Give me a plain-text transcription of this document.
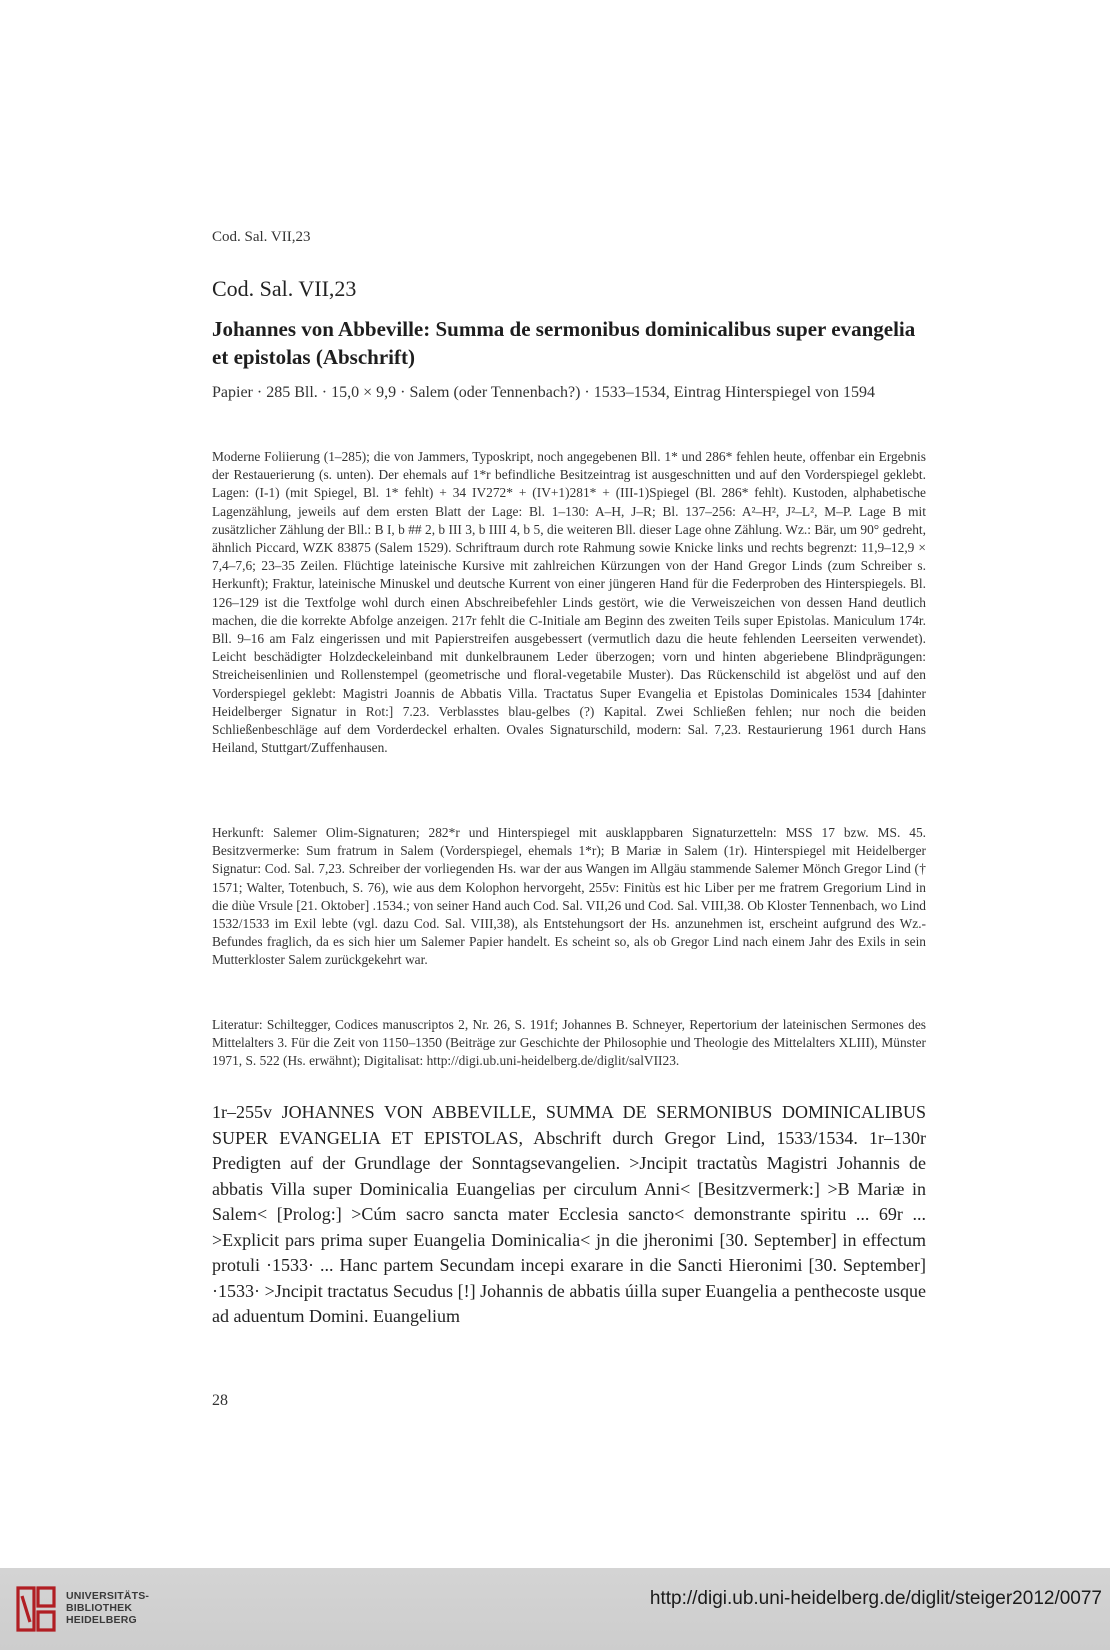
Cod. Sal. VII,23
Cod. Sal. VII,23
Johannes von Abbeville: Summa de sermonibus dominicalibus super evangelia et epistolas (Abschrift)
Papier · 285 Bll. · 15,0 × 9,9 · Salem (oder Tennenbach?) · 1533–1534, Eintrag Hinterspiegel von 1594
Moderne Foliierung (1–285); die von Jammers, Typoskript, noch angegebenen Bll. 1* und 286* fehlen heute, offenbar ein Ergebnis der Restauerierung (s. unten). Der ehemals auf 1*r befindliche Besitzeintrag ist ausgeschnitten und auf den Vorderspiegel geklebt. Lagen: (I-1) (mit Spiegel, Bl. 1* fehlt) + 34 IV272* + (IV+1)281* + (III-1)Spiegel (Bl. 286* fehlt). Kustoden, alphabetische Lagenzählung, jeweils auf dem ersten Blatt der Lage: Bl. 1–130: A–H, J–R; Bl. 137–256: A²–H², J²–L², M–P. Lage B mit zusätzlicher Zählung der Bll.: B I, b ## 2, b III 3, b IIII 4, b 5, die weiteren Bll. dieser Lage ohne Zählung. Wz.: Bär, um 90° gedreht, ähnlich Piccard, WZK 83875 (Salem 1529). Schriftraum durch rote Rahmung sowie Knicke links und rechts begrenzt: 11,9–12,9 × 7,4–7,6; 23–35 Zeilen. Flüchtige lateinische Kursive mit zahlreichen Kürzungen von der Hand Gregor Linds (zum Schreiber s. Herkunft); Fraktur, lateinische Minuskel und deutsche Kurrent von einer jüngeren Hand für die Federproben des Hinterspiegels. Bl. 126–129 ist die Textfolge wohl durch einen Abschreibefehler Linds gestört, wie die Verweiszeichen von dessen Hand deutlich machen, die die korrekte Abfolge anzeigen. 217r fehlt die C-Initiale am Beginn des zweiten Teils super Epistolas. Maniculum 174r. Bll. 9–16 am Falz eingerissen und mit Papierstreifen ausgebessert (vermutlich dazu die heute fehlenden Leerseiten verwendet). Leicht beschädigter Holzdeckeleinband mit dunkelbraunem Leder überzogen; vorn und hinten abgeriebene Blindprägungen: Streicheisenlinien und Rollenstempel (geometrische und floral-vegetabile Muster). Das Rückenschild ist abgelöst und auf den Vorderspiegel geklebt: Magistri Joannis de Abbatis Villa. Tractatus Super Evangelia et Epistolas Dominicales 1534 [dahinter Heidelberger Signatur in Rot:] 7.23. Verblasstes blau-gelbes (?) Kapital. Zwei Schließen fehlen; nur noch die beiden Schließenbeschläge auf dem Vorderdeckel erhalten. Ovales Signaturschild, modern: Sal. 7,23. Restaurierung 1961 durch Hans Heiland, Stuttgart/Zuffenhausen.
Herkunft: Salemer Olim-Signaturen; 282*r und Hinterspiegel mit ausklappbaren Signaturzetteln: MSS 17 bzw. MS. 45. Besitzvermerke: Sum fratrum in Salem (Vorderspiegel, ehemals 1*r); B Mariæ in Salem (1r). Hinterspiegel mit Heidelberger Signatur: Cod. Sal. 7,23. Schreiber der vorliegenden Hs. war der aus Wangen im Allgäu stammende Salemer Mönch Gregor Lind († 1571; Walter, Totenbuch, S. 76), wie aus dem Kolophon hervorgeht, 255v: Finitùs est hic Liber per me fratrem Gregorium Lind in die diùe Vrsule [21. Oktober] .1534.; von seiner Hand auch Cod. Sal. VII,26 und Cod. Sal. VIII,38. Ob Kloster Tennenbach, wo Lind 1532/1533 im Exil lebte (vgl. dazu Cod. Sal. VIII,38), als Entstehungsort der Hs. anzunehmen ist, erscheint aufgrund des Wz.-Befundes fraglich, da es sich hier um Salemer Papier handelt. Es scheint so, als ob Gregor Lind nach einem Jahr des Exils in sein Mutterkloster Salem zurückgekehrt war.
Literatur: Schiltegger, Codices manuscriptos 2, Nr. 26, S. 191f; Johannes B. Schneyer, Repertorium der lateinischen Sermones des Mittelalters 3. Für die Zeit von 1150–1350 (Beiträge zur Geschichte der Philosophie und Theologie des Mittelalters XLIII), Münster 1971, S. 522 (Hs. erwähnt); Digitalisat: http://digi.ub.uni-heidelberg.de/diglit/salVII23.
1r–255v JOHANNES VON ABBEVILLE, SUMMA DE SERMONIBUS DOMINICALIBUS SUPER EVANGELIA ET EPISTOLAS, Abschrift durch Gregor Lind, 1533/1534. 1r–130r Predigten auf der Grundlage der Sonntagsevangelien. >Jncipit tractatùs Magistri Johannis de abbatis Villa super Dominicalia Euangelias per circulum Anni< [Besitzvermerk:] >B Mariæ in Salem< [Prolog:] >Cúm sacro sancta mater Ecclesia sancto< demonstrante spiritu ... 69r ... >Explicit pars prima super Euangelia Dominicalia< jn die jheronimi [30. September] in effectum protuli ·1533· ... Hanc partem Secundam incepi exarare in die Sancti Hieronimi [30. September] ·1533· >Jncipit tractatus Secudus [!] Johannis de abbatis úilla super Euangelia a penthecoste usque ad aduentum Domini. Euangelium
28
UNIVERSITÄTS-
BIBLIOTHEK
HEIDELBERG
http://digi.ub.uni-heidelberg.de/diglit/steiger2012/0077
